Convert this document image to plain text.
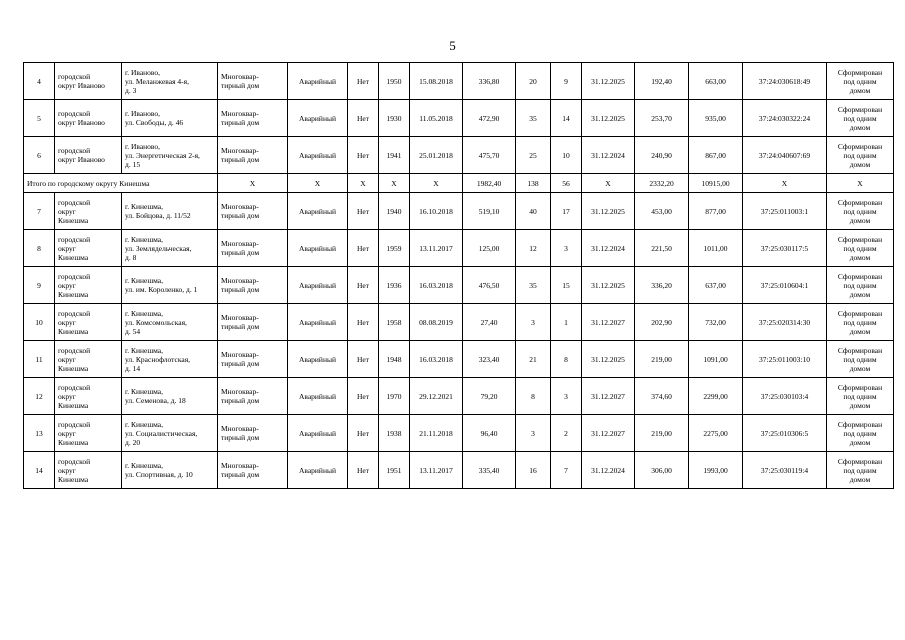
5
4	городской
округ Иваново	г. Иваново,
ул. Меланжевая 4-я,
д. 3	Многоквар-
тирный дом	Аварийный	Нет	1950	15.08.2018	336,80	20	9	31.12.2025	192,40	663,00	37:24:030618:49	Сформирован
под одним
домом
5	городской
округ Иваново	г. Иваново,
ул. Свободы, д. 46	Многоквар-
тирный дом	Аварийный	Нет	1930	11.05.2018	472,90	35	14	31.12.2025	253,70	935,00	37:24:030322:24	Сформирован
под одним
домом
6	городской
округ Иваново	г. Иваново,
ул. Энергетическая 2-я,
д. 15	Многоквар-
тирный дом	Аварийный	Нет	1941	25.01.2018	475,70	25	10	31.12.2024	240,90	867,00	37:24:040607:69	Сформирован
под одним
домом
Итого по городскому округу Кинешма			Х	Х	Х	Х	Х	1982,40	138	56	Х	2332,20	10915,00	Х	Х
7	городской
округ
Кинешма	г. Кинешма,
ул. Бойцова, д. 11/52	Многоквар-
тирный дом	Аварийный	Нет	1940	16.10.2018	519,10	40	17	31.12.2025	453,00	877,00	37:25:011003:1	Сформирован
под одним
домом
8	городской
округ
Кинешма	г. Кинешма,
ул. Землядельческая,
д. 8	Многоквар-
тирный дом	Аварийный	Нет	1959	13.11.2017	125,00	12	3	31.12.2024	221,50	1011,00	37:25:030117:5	Сформирован
под одним
домом
9	городской
округ
Кинешма	г. Кинешма,
ул. им. Короленко, д. 1	Многоквар-
тирный дом	Аварийный	Нет	1936	16.03.2018	476,50	35	15	31.12.2025	336,20	637,00	37:25:010604:1	Сформирован
под одним
домом
10	городской
округ
Кинешма	г. Кинешма,
ул. Комсомольская,
д. 54	Многоквар-
тирный дом	Аварийный	Нет	1958	08.08.2019	27,40	3	1	31.12.2027	202,90	732,00	37:25:020314:30	Сформирован
под одним
домом
11	городской
округ
Кинешма	г. Кинешма,
ул. Краснофлотская,
д. 14	Многоквар-
тирный дом	Аварийный	Нет	1948	16.03.2018	323,40	21	8	31.12.2025	219,00	1091,00	37:25:011003:10	Сформирован
под одним
домом
12	городской
округ
Кинешма	г. Кинешма,
ул. Семенова, д. 18	Многоквар-
тирный дом	Аварийный	Нет	1970	29.12.2021	79,20	8	3	31.12.2027	374,60	2299,00	37:25:030103:4	Сформирован
под одним
домом
13	городской
округ
Кинешма	г. Кинешма,
ул. Социалистическая,
д. 20	Многоквар-
тирный дом	Аварийный	Нет	1938	21.11.2018	96,40	3	2	31.12.2027	219,00	2275,00	37:25:010306:5	Сформирован
под одним
домом
14	городской
округ
Кинешма	г. Кинешма,
ул. Спортивная, д. 10	Многоквар-
тирный дом	Аварийный	Нет	1951	13.11.2017	335,40	16	7	31.12.2024	306,00	1993,00	37:25:030119:4	Сформирован
под одним
домом
